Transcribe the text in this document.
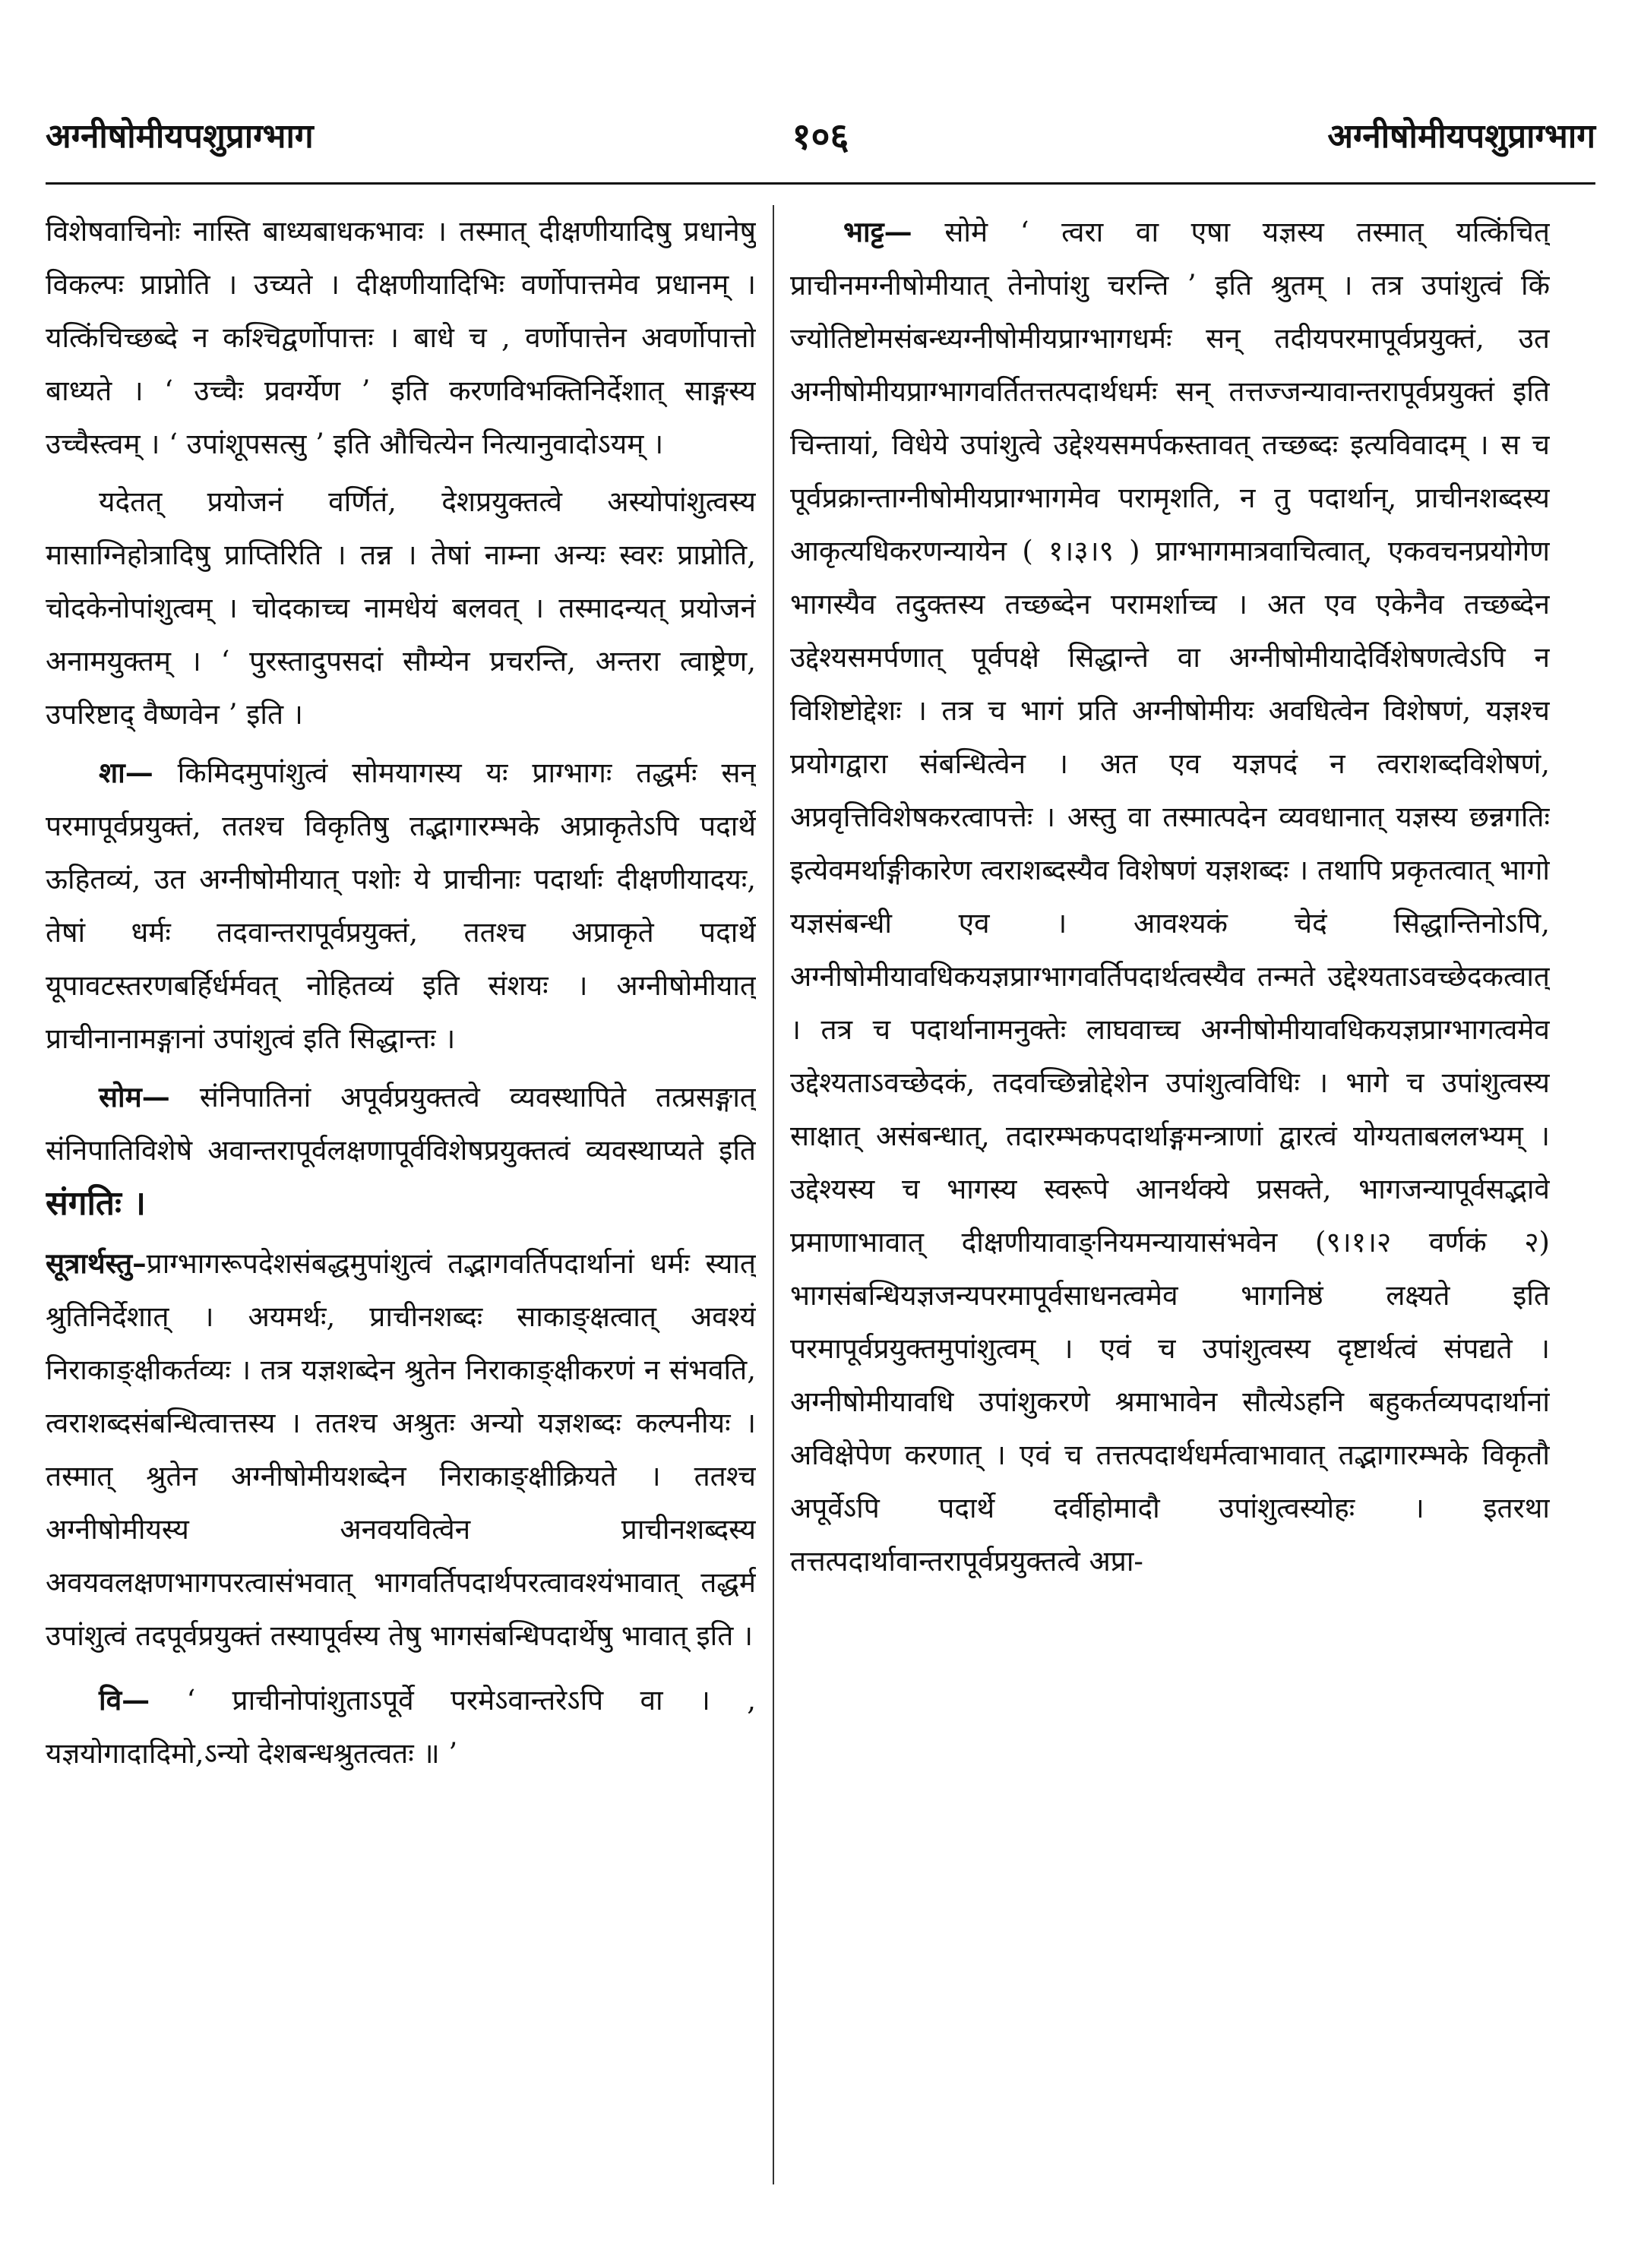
अग्नीषोमीयपशुप्राग्भाग	१०६	अग्नीषोमीयपशुप्राग्भाग

विशेषवाचिनोः नास्ति बाध्यबाधकभावः । तस्मात् दीक्षणीयादिषु प्रधानेषु विकल्पः प्राप्नोति । उच्यते । दीक्षणीयादिभिः वर्णोपात्तमेव प्रधानम् । यत्किंचिच्छब्दे न कश्चिद्वर्णोपात्तः । बाधे च , वर्णोपात्तेन अवर्णोपात्तो बाध्यते । ‘ उच्चैः प्रवर्ग्येण ’ इति करणविभक्तिनिर्देशात् साङ्गस्य उच्चैस्त्वम् । ‘ उपांशूपसत्सु ’ इति औचित्येन नित्यानुवादोऽयम् ।

यदेतत् प्रयोजनं वर्णितं, देशप्रयुक्तत्वे अस्योपांशुत्वस्य मासाग्निहोत्रादिषु प्राप्तिरिति । तन्न । तेषां नाम्ना अन्यः स्वरः प्राप्नोति, चोदकेनोपांशुत्वम् । चोदकाच्च नामधेयं बलवत् । तस्मादन्यत् प्रयोजनं अनामयुक्तम् । ‘ पुरस्तादुपसदां सौम्येन प्रचरन्ति, अन्तरा त्वाष्ट्रेण, उपरिष्टाद् वैष्णवेन ’ इति ।

शा— किमिदमुपांशुत्वं सोमयागस्य यः प्राग्भागः तद्धर्मः सन् परमापूर्वप्रयुक्तं, ततश्च विकृतिषु तद्भागारम्भके अप्राकृतेऽपि पदार्थे ऊहितव्यं, उत अग्नीषोमीयात् पशोः ये प्राचीनाः पदार्थाः दीक्षणीयादयः, तेषां धर्मः तदवान्तरापूर्वप्रयुक्तं, ततश्च अप्राकृते पदार्थे यूपावटस्तरणबर्हिर्धर्मवत् नोहितव्यं इति संशयः । अग्नीषोमीयात् प्राचीनानामङ्गानां उपांशुत्वं इति सिद्धान्तः ।

सोम— संनिपातिनां अपूर्वप्रयुक्तत्वे व्यवस्थापिते तत्प्रसङ्गात् संनिपातिविशेषे अवान्तरापूर्वलक्षणापूर्वविशेषप्रयुक्तत्वं व्यवस्थाप्यते इति संगतिः ।

सूत्रार्थस्तु–प्राग्भागरूपदेशसंबद्धमुपांशुत्वं तद्भागवर्तिपदार्थानां धर्मः स्यात् श्रुतिनिर्देशात् । अयमर्थः, प्राचीनशब्दः साकाङ्क्षत्वात् अवश्यं निराकाङ्क्षीकर्तव्यः । तत्र यज्ञशब्देन श्रुतेन निराकाङ्क्षीकरणं न संभवति, त्वराशब्दसंबन्धित्वात्तस्य । ततश्च अश्रुतः अन्यो यज्ञशब्दः कल्पनीयः । तस्मात् श्रुतेन अग्नीषोमीयशब्देन निराकाङ्क्षीक्रियते । ततश्च अग्नीषोमीयस्य अनवयवित्वेन प्राचीनशब्दस्य अवयवलक्षणभागपरत्वासंभवात् भागवर्तिपदार्थपरत्वावश्यंभावात् तद्धर्म उपांशुत्वं तदपूर्वप्रयुक्तं तस्यापूर्वस्य तेषु भागसंबन्धिपदार्थेषु भावात् इति ।

वि— ‘ प्राचीनोपांशुताऽपूर्वे परमेऽवान्तरेऽपि वा । , यज्ञयोगादादिमो,ऽन्यो देशबन्धश्रुतत्वतः ॥ ’

भाट्ट— सोमे ‘ त्वरा वा एषा यज्ञस्य तस्मात् यत्किंचित् प्राचीनमग्नीषोमीयात् तेनोपांशु चरन्ति ’ इति श्रुतम् । तत्र उपांशुत्वं किं ज्योतिष्टोमसंबन्ध्यग्नीषोमीयप्राग्भागधर्मः सन् तदीयपरमापूर्वप्रयुक्तं, उत अग्नीषोमीयप्राग्भागवर्तितत्तत्पदार्थधर्मः सन् तत्तज्जन्यावान्तरापूर्वप्रयुक्तं इति चिन्तायां, विधेये उपांशुत्वे उद्देश्यसमर्पकस्तावत् तच्छब्दः इत्यविवादम् । स च पूर्वप्रक्रान्ताग्नीषोमीयप्राग्भागमेव परामृशति, न तु पदार्थान्, प्राचीनशब्दस्य आकृत्यधिकरणन्यायेन ( १।३।९ ) प्राग्भागमात्रवाचित्वात्, एकवचनप्रयोगेण भागस्यैव तदुक्तस्य तच्छब्देन परामर्शाच्च । अत एव एकेनैव तच्छब्देन उद्देश्यसमर्पणात् पूर्वपक्षे सिद्धान्ते वा अग्नीषोमीयादेर्विशेषणत्वेऽपि न विशिष्टोद्देशः । तत्र च भागं प्रति अग्नीषोमीयः अवधित्वेन विशेषणं, यज्ञश्च प्रयोगद्वारा संबन्धित्वेन । अत एव यज्ञपदं न त्वराशब्दविशेषणं, अप्रवृत्तिविशेषकरत्वापत्तेः । अस्तु वा तस्मात्पदेन व्यवधानात् यज्ञस्य छन्नगतिः इत्येवमर्थाङ्गीकारेण त्वराशब्दस्यैव विशेषणं यज्ञशब्दः । तथापि प्रकृतत्वात् भागो यज्ञसंबन्धी एव । आवश्यकं चेदं सिद्धान्तिनोऽपि, अग्नीषोमीयावधिकयज्ञप्राग्भागवर्तिपदार्थत्वस्यैव तन्मते उद्देश्यताऽवच्छेदकत्वात् । तत्र च पदार्थानामनुक्तेः लाघवाच्च अग्नीषोमीयावधिकयज्ञप्राग्भागत्वमेव उद्देश्यताऽवच्छेदकं, तदवच्छिन्नोद्देशेन उपांशुत्वविधिः । भागे च उपांशुत्वस्य साक्षात् असंबन्धात्, तदारम्भकपदार्थाङ्गमन्त्राणां द्वारत्वं योग्यताबललभ्यम् । उद्देश्यस्य च भागस्य स्वरूपे आनर्थक्ये प्रसक्ते, भागजन्यापूर्वसद्भावे प्रमाणाभावात् दीक्षणीयावाङ्नियमन्यायासंभवेन (९।१।२ वर्णकं २) भागसंबन्धियज्ञजन्यपरमापूर्वसाधनत्वमेव भागनिष्ठं लक्ष्यते इति परमापूर्वप्रयुक्तमुपांशुत्वम् । एवं च उपांशुत्वस्य दृष्टार्थत्वं संपद्यते । अग्नीषोमीयावधि उपांशुकरणे श्रमाभावेन सौत्येऽहनि बहुकर्तव्यपदार्थानां अविक्षेपेण करणात् । एवं च तत्तत्पदार्थधर्मत्वाभावात् तद्भागारम्भके विकृतौ अपूर्वेऽपि पदार्थे दर्वीहोमादौ उपांशुत्वस्योहः । इतरथा तत्तत्पदार्थावान्तरापूर्वप्रयुक्तत्वे अप्रा-
